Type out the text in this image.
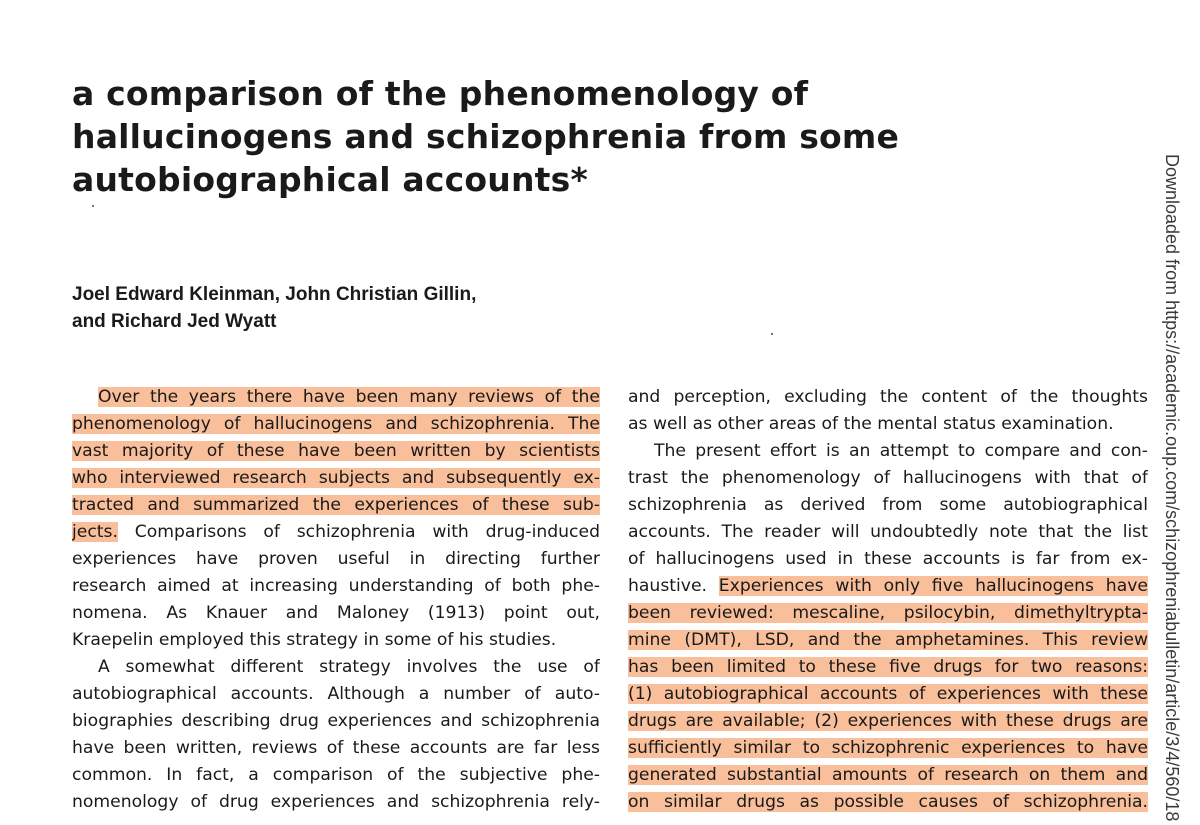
a comparison of the phenomenology of
hallucinogens and schizophrenia from some
autobiographical accounts*
Joel Edward Kleinman, John Christian Gillin,
and Richard Jed Wyatt
Over the years there have been many reviews of the
phenomenology of hallucinogens and schizophrenia. The
vast majority of these have been written by scientists
who interviewed research subjects and subsequently ex-
tracted and summarized the experiences of these sub-
jects. Comparisons of schizophrenia with drug-induced
experiences have proven useful in directing further
research aimed at increasing understanding of both phe-
nomena. As Knauer and Maloney (1913) point out,
Kraepelin employed this strategy in some of his studies.
A somewhat different strategy involves the use of
autobiographical accounts. Although a number of auto-
biographies describing drug experiences and schizophrenia
have been written, reviews of these accounts are far less
common. In fact, a comparison of the subjective phe-
nomenology of drug experiences and schizophrenia rely-
and perception, excluding the content of the thoughts
as well as other areas of the mental status examination.
The present effort is an attempt to compare and con-
trast the phenomenology of hallucinogens with that of
schizophrenia as derived from some autobiographical
accounts. The reader will undoubtedly note that the list
of hallucinogens used in these accounts is far from ex-
haustive. Experiences with only five hallucinogens have
been reviewed: mescaline, psilocybin, dimethyltrypta-
mine (DMT), LSD, and the amphetamines. This review
has been limited to these five drugs for two reasons:
(1) autobiographical accounts of experiences with these
drugs are available; (2) experiences with these drugs are
sufficiently similar to schizophrenic experiences to have
generated substantial amounts of research on them and
on similar drugs as possible causes of schizophrenia. Downloaded from https://academic.oup.com/schizophreniabulletin/article/3/4/560/18
